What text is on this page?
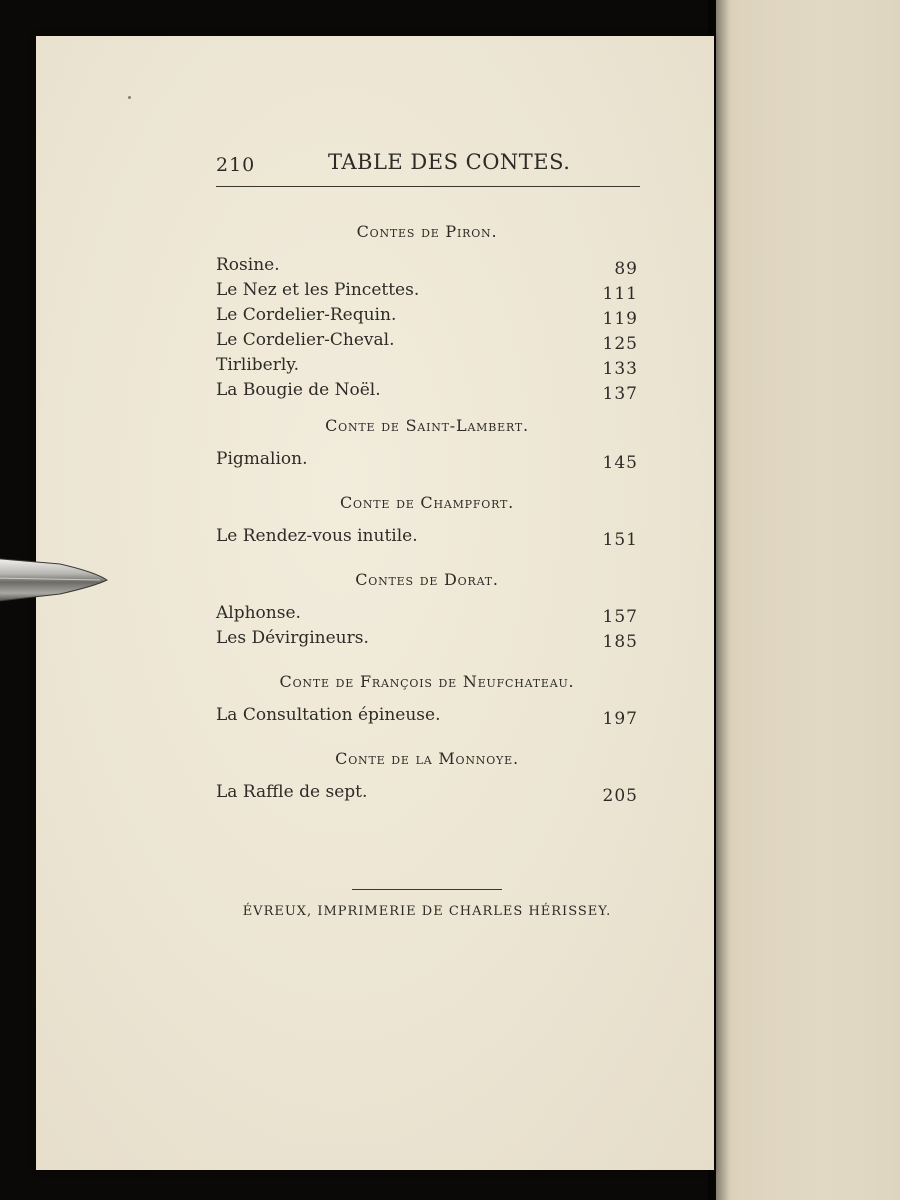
210	TABLE DES CONTES.
Contes de Piron.
Rosine.	89
Le Nez et les Pincettes.	111
Le Cordelier-Requin.	119
Le Cordelier-Cheval.	125
Tirliberly.	133
La Bougie de Noël.	137
Conte de Saint-Lambert.
Pigmalion.	145
Conte de Champfort.
Le Rendez-vous inutile.	151
Contes de Dorat.
Alphonse.	157
Les Dévirgineurs.	185
Conte de François de Neufchateau.
La Consultation épineuse.	197
Conte de la Monnoye.
La Raffle de sept.	205
ÉVREUX, IMPRIMERIE DE CHARLES HÉRISSEY.
